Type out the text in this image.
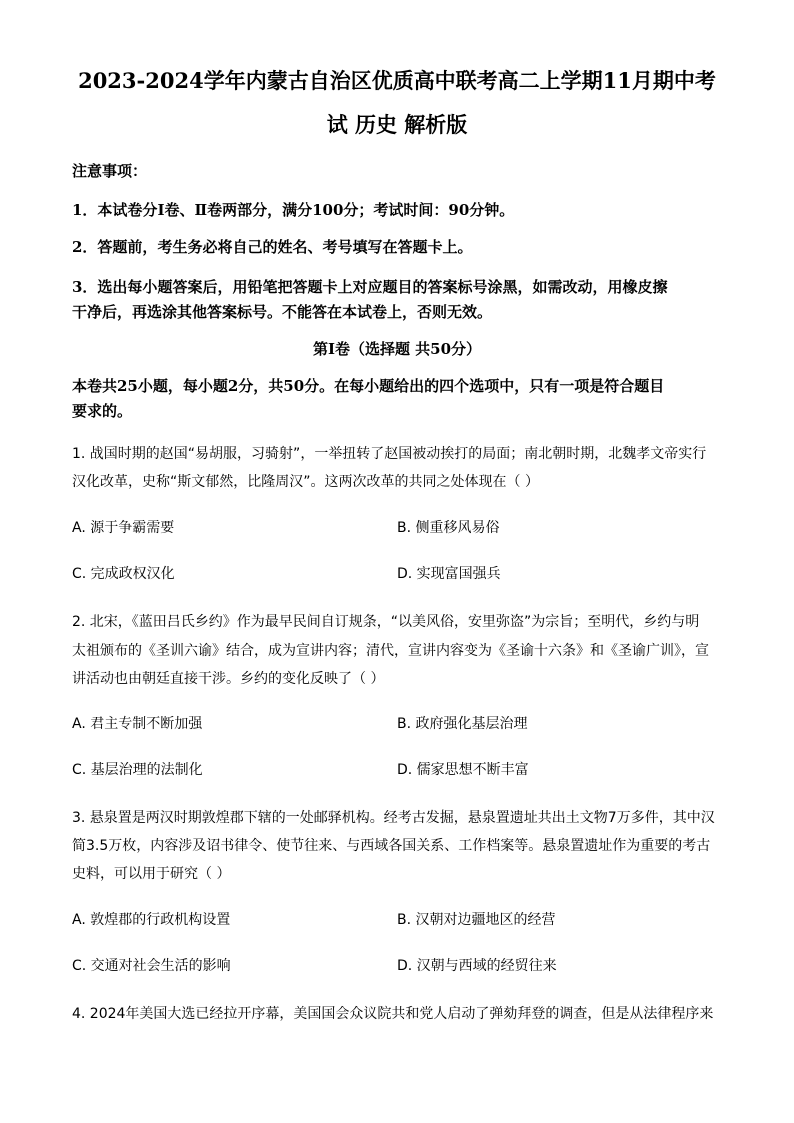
2023-2024学年内蒙古自治区优质高中联考高二上学期11月期中考
试 历史 解析版
注意事项：
1．本试卷分Ⅰ卷、Ⅱ卷两部分，满分100分；考试时间：90分钟。
2．答题前，考生务必将自己的姓名、考号填写在答题卡上。
3．选出每小题答案后，用铅笔把答题卡上对应题目的答案标号涂黑，如需改动，用橡皮擦
干净后，再选涂其他答案标号。不能答在本试卷上，否则无效。
第Ⅰ卷（选择题 共50分）
本卷共25小题，每小题2分，共50分。在每小题给出的四个选项中，只有一项是符合题目
要求的。
1. 战国时期的赵国“易胡服，习骑射”，一举扭转了赵国被动挨打的局面；南北朝时期，北魏孝文帝实行
汉化改革，史称“斯文郁然，比隆周汉”。这两次改革的共同之处体现在（ ）
A. 源于争霸需要	B. 侧重移风易俗
C. 完成政权汉化	D. 实现富国强兵
2. 北宋，《蓝田吕氏乡约》作为最早民间自订规条，“以美风俗，安里弥盗”为宗旨；至明代，乡约与明
太祖颁布的《圣训六谕》结合，成为宣讲内容；清代，宣讲内容变为《圣谕十六条》和《圣谕广训》，宣
讲活动也由朝廷直接干涉。乡约的变化反映了（ ）
A. 君主专制不断加强	B. 政府强化基层治理
C. 基层治理的法制化	D. 儒家思想不断丰富
3. 悬泉置是两汉时期敦煌郡下辖的一处邮驿机构。经考古发掘，悬泉置遗址共出土文物7万多件，其中汉
简3.5万枚，内容涉及诏书律令、使节往来、与西域各国关系、工作档案等。悬泉置遗址作为重要的考古
史料，可以用于研究（ ）
A. 敦煌郡的行政机构设置	B. 汉朝对边疆地区的经营
C. 交通对社会生活的影响	D. 汉朝与西域的经贸往来
4. 2024年美国大选已经拉开序幕，美国国会众议院共和党人启动了弹劾拜登的调查，但是从法律程序来
